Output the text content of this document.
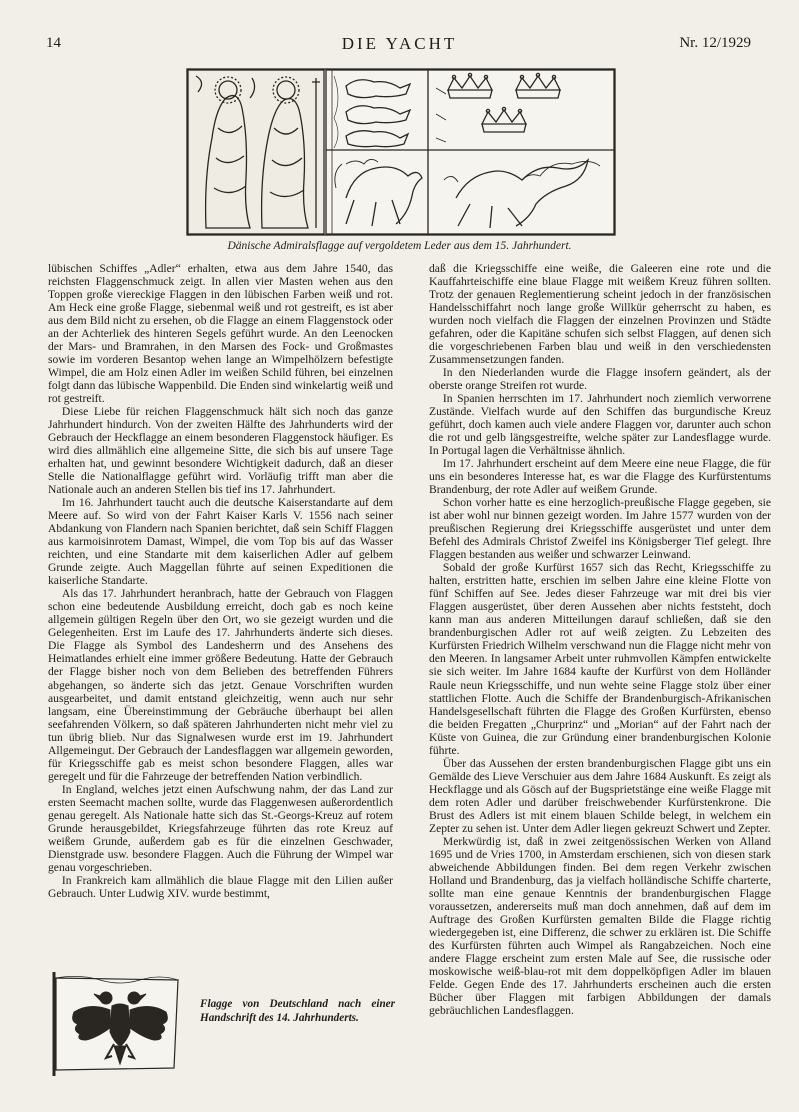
14	DIE YACHT	Nr. 12/1929
Dänische Admiralsflagge auf vergoldetem Leder aus dem 15. Jahrhundert.

lübischen Schiffes „Adler“ erhalten, etwa aus dem Jahre 1540, das reichsten Flaggenschmuck zeigt. In allen vier Masten wehen aus den Toppen große viereckige Flaggen in den lübischen Farben weiß und rot. Am Heck eine große Flagge, siebenmal weiß und rot gestreift, es ist aber aus dem Bild nicht zu ersehen, ob die Flagge an einem Flaggenstock oder an der Achterliek des hinteren Segels geführt wurde. An den Leenocken der Mars- und Bramrahen, in den Marsen des Fock- und Großmastes sowie im vorderen Besantop wehen lange an Wimpelhölzern befestigte Wimpel, die am Holz einen Adler im weißen Schild führen, bei einzelnen folgt dann das lübische Wappenbild. Die Enden sind winkelartig weiß und rot gestreift.

Diese Liebe für reichen Flaggenschmuck hält sich noch das ganze Jahrhundert hindurch. Von der zweiten Hälfte des Jahrhunderts wird der Gebrauch der Heckflagge an einem besonderen Flaggenstock häufiger. Es wird dies allmählich eine allgemeine Sitte, die sich bis auf unsere Tage erhalten hat, und gewinnt besondere Wichtigkeit dadurch, daß an dieser Stelle die Nationalflagge geführt wird. Vorläufig trifft man aber die Nationale auch an anderen Stellen bis tief ins 17. Jahrhundert.

Im 16. Jahrhundert taucht auch die deutsche Kaiserstandarte auf dem Meere auf. So wird von der Fahrt Kaiser Karls V. 1556 nach seiner Abdankung von Flandern nach Spanien berichtet, daß sein Schiff Flaggen aus karmoisinrotem Damast, Wimpel, die vom Top bis auf das Wasser reichten, und eine Standarte mit dem kaiserlichen Adler auf gelbem Grunde zeigte. Auch Maggellan führte auf seinen Expeditionen die kaiserliche Standarte.

Als das 17. Jahrhundert heranbrach, hatte der Gebrauch von Flaggen schon eine bedeutende Ausbildung erreicht, doch gab es noch keine allgemein gültigen Regeln über den Ort, wo sie gezeigt wurden und die Gelegenheiten. Erst im Laufe des 17. Jahrhunderts änderte sich dieses. Die Flagge als Symbol des Landesherrn und des Ansehens des Heimatlandes erhielt eine immer größere Bedeutung. Hatte der Gebrauch der Flagge bisher noch von dem Belieben des betreffenden Führers abgehangen, so änderte sich das jetzt. Genaue Vorschriften wurden ausgearbeitet, und damit entstand gleichzeitig, wenn auch nur sehr langsam, eine Übereinstimmung der Gebräuche überhaupt bei allen seefahrenden Völkern, so daß späteren Jahrhunderten nicht mehr viel zu tun übrig blieb. Nur das Signalwesen wurde erst im 19. Jahrhundert Allgemeingut. Der Gebrauch der Landesflaggen war allgemein geworden, für Kriegsschiffe gab es meist schon besondere Flaggen, alles war geregelt und für die Fahrzeuge der betreffenden Nation verbindlich.

In England, welches jetzt einen Aufschwung nahm, der das Land zur ersten Seemacht machen sollte, wurde das Flaggenwesen außerordentlich genau geregelt. Als Nationale hatte sich das St.-Georgs-Kreuz auf rotem Grunde herausgebildet, Kriegsfahrzeuge führten das rote Kreuz auf weißem Grunde, außerdem gab es für die einzelnen Geschwader, Dienstgrade usw. besondere Flaggen. Auch die Führung der Wimpel war genau vorgeschrieben.

In Frankreich kam allmählich die blaue Flagge mit den Lilien außer Gebrauch. Unter Ludwig XIV. wurde bestimmt,

daß die Kriegsschiffe eine weiße, die Galeeren eine rote und die Kauffahrteischiffe eine blaue Flagge mit weißem Kreuz führen sollten. Trotz der genauen Reglementierung scheint jedoch in der französischen Handelsschiffahrt noch lange große Willkür geherrscht zu haben, es wurden noch vielfach die Flaggen der einzelnen Provinzen und Städte gefahren, oder die Kapitäne schufen sich selbst Flaggen, auf denen sich die vorgeschriebenen Farben blau und weiß in den verschiedensten Zusammensetzungen fanden.

In den Niederlanden wurde die Flagge insofern geändert, als der oberste orange Streifen rot wurde.

In Spanien herrschten im 17. Jahrhundert noch ziemlich verworrene Zustände. Vielfach wurde auf den Schiffen das burgundische Kreuz geführt, doch kamen auch viele andere Flaggen vor, darunter auch schon die rot und gelb längsgestreifte, welche später zur Landesflagge wurde. In Portugal lagen die Verhältnisse ähnlich.

Im 17. Jahrhundert erscheint auf dem Meere eine neue Flagge, die für uns ein besonderes Interesse hat, es war die Flagge des Kurfürstentums Brandenburg, der rote Adler auf weißem Grunde.

Schon vorher hatte es eine herzoglich-preußische Flagge gegeben, sie ist aber wohl nur binnen gezeigt worden. Im Jahre 1577 wurden von der preußischen Regierung drei Kriegsschiffe ausgerüstet und unter dem Befehl des Admirals Christof Zweifel ins Königsberger Tief gelegt. Ihre Flaggen bestanden aus weißer und schwarzer Leinwand.

Sobald der große Kurfürst 1657 sich das Recht, Kriegsschiffe zu halten, erstritten hatte, erschien im selben Jahre eine kleine Flotte von fünf Schiffen auf See. Jedes dieser Fahrzeuge war mit drei bis vier Flaggen ausgerüstet, über deren Aussehen aber nichts feststeht, doch kann man aus anderen Mitteilungen darauf schließen, daß sie den brandenburgischen Adler rot auf weiß zeigten. Zu Lebzeiten des Kurfürsten Friedrich Wilhelm verschwand nun die Flagge nicht mehr von den Meeren. In langsamer Arbeit unter ruhmvollen Kämpfen entwickelte sie sich weiter. Im Jahre 1684 kaufte der Kurfürst von dem Holländer Raule neun Kriegsschiffe, und nun wehte seine Flagge stolz über einer stattlichen Flotte. Auch die Schiffe der Brandenburgisch-Afrikanischen Handelsgesellschaft führten die Flagge des Großen Kurfürsten, ebenso die beiden Fregatten „Churprinz“ und „Morian“ auf der Fahrt nach der Küste von Guinea, die zur Gründung einer brandenburgischen Kolonie führte.

Über das Aussehen der ersten brandenburgischen Flagge gibt uns ein Gemälde des Lieve Verschuier aus dem Jahre 1684 Auskunft. Es zeigt als Heckflagge und als Gösch auf der Bugsprietstänge eine weiße Flagge mit dem roten Adler und darüber freischwebender Kurfürstenkrone. Die Brust des Adlers ist mit einem blauen Schilde belegt, in welchem ein Zepter zu sehen ist. Unter dem Adler liegen gekreuzt Schwert und Zepter.

Merkwürdig ist, daß in zwei zeitgenössischen Werken von Alland 1695 und de Vries 1700, in Amsterdam erschienen, sich von diesen stark abweichende Abbildungen finden. Bei dem regen Verkehr zwischen Holland und Brandenburg, das ja vielfach holländische Schiffe charterte, sollte man eine genaue Kenntnis der brandenburgischen Flagge voraussetzen, andererseits muß man doch annehmen, daß auf dem im Auftrage des Großen Kurfürsten gemalten Bilde die Flagge richtig wiedergegeben ist, eine Differenz, die schwer zu erklären ist. Die Schiffe des Kurfürsten führten auch Wimpel als Rangabzeichen. Noch eine andere Flagge erscheint zum ersten Male auf See, die russische oder moskowische weiß-blau-rot mit dem doppelköpfigen Adler im blauen Felde. Gegen Ende des 17. Jahrhunderts erscheinen auch die ersten Bücher über Flaggen mit farbigen Abbildungen der damals gebräuchlichen Landesflaggen.

Flagge von Deutschland nach einer Handschrift des 14. Jahrhunderts.
